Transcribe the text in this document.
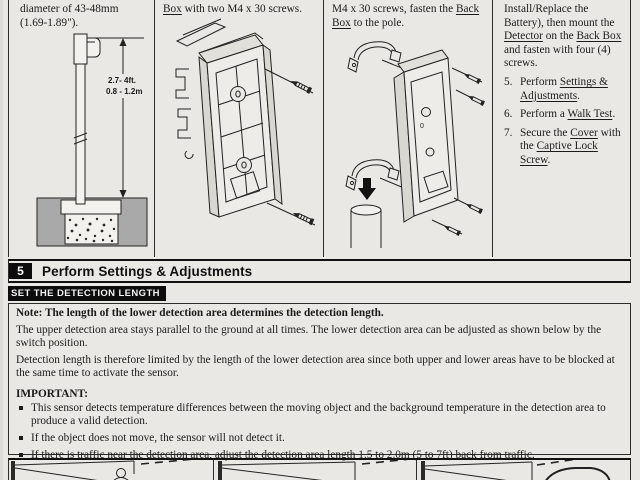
diameter of 43-48mm
(1.69-1.89").
2.7- 4ft.
0.8 - 1.2m
Box with two M4 x 30 screws.	M4 x 30 screws, fasten the Back Box to the pole.
0
Install/Replace the Battery), then mount the Detector on the Back Box and fasten with four (4) screws.
5. Perform Settings & Adjustments.
6. Perform a Walk Test.
7. Secure the Cover with the Captive Lock Screw.
5	Perform Settings & Adjustments
SET THE DETECTION LENGTH

Note: The length of the lower detection area determines the detection length.

The upper detection area stays parallel to the ground at all times. The lower detection area can be adjusted as shown below by the switch position.

Detection length is therefore limited by the length of the lower detection area since both upper and lower areas have to be blocked at the same time to activate the sensor.

IMPORTANT:

This sensor detects temperature differences between the moving object and the background temperature in the detection area to produce a valid detection.

If the object does not move, the sensor will not detect it.

If there is traffic near the detection area, adjust the detection area length 1.5 to 2.0m (5 to 7ft) back from traffic.
